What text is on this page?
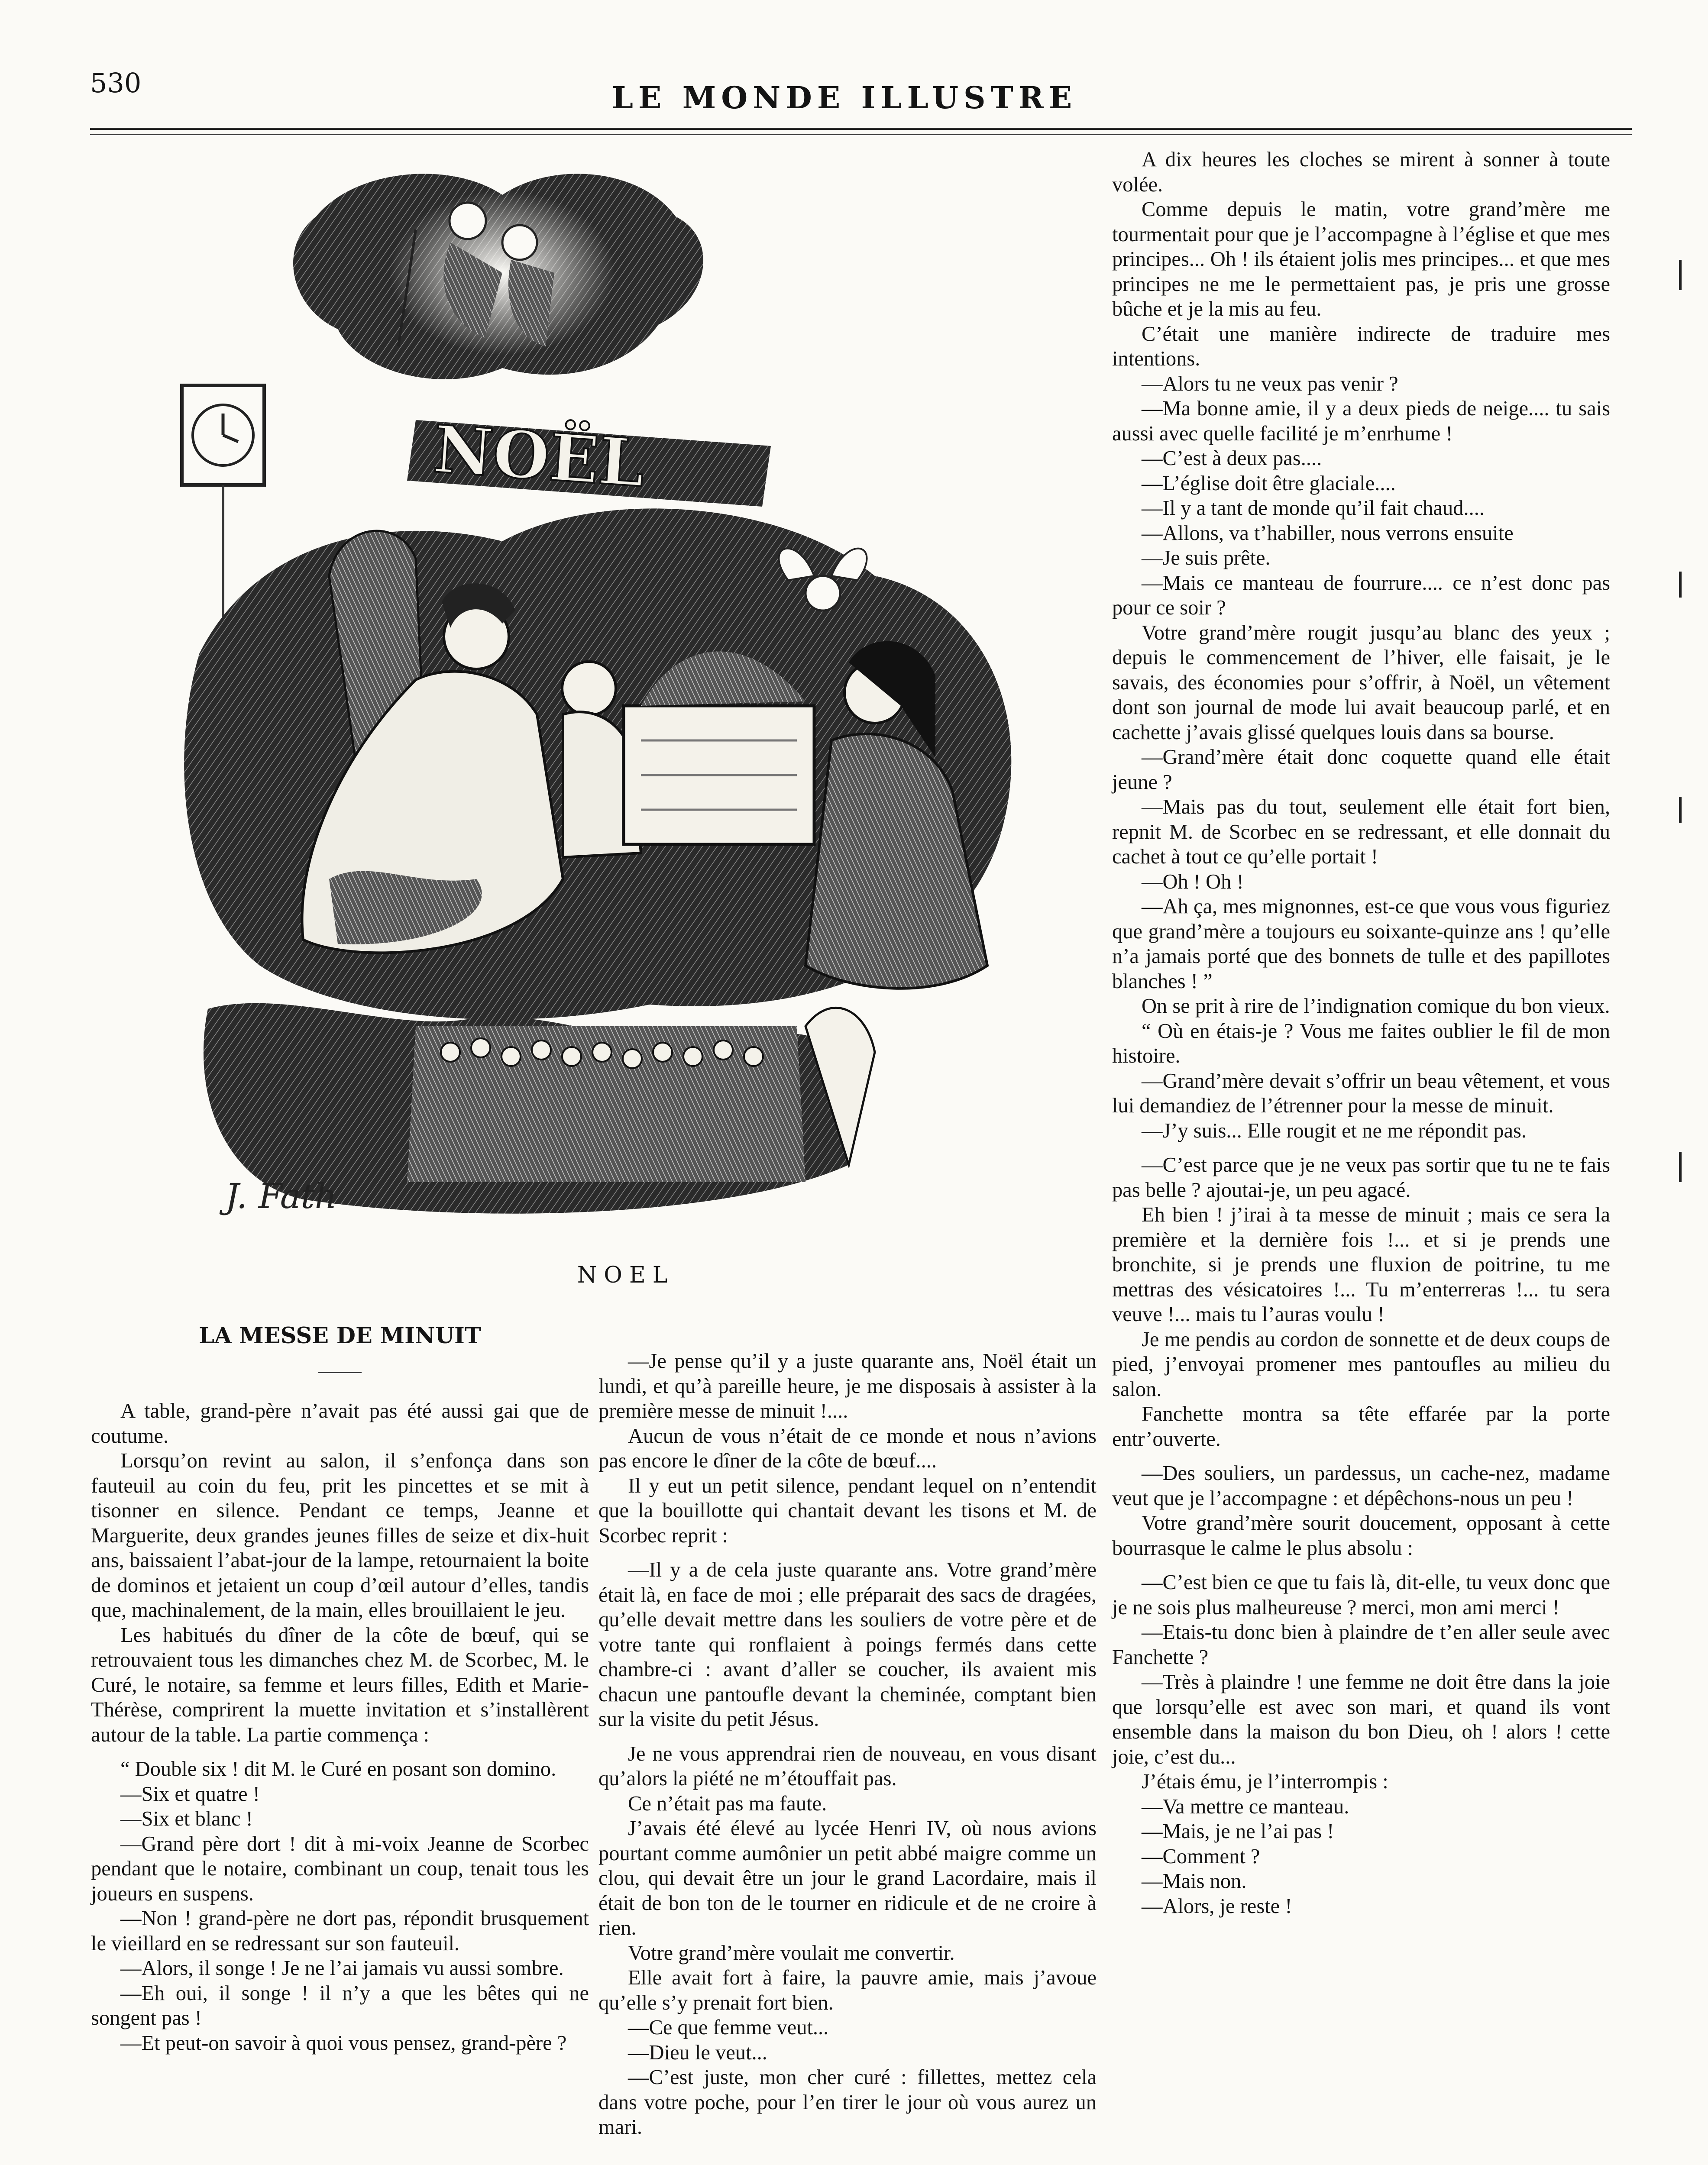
530	LE MONDE ILLUSTRE
NOËL
J. Fath
NOEL
LA MESSE DE MINUIT

A table, grand-père n’avait pas été aussi gai que de coutume.

Lorsqu’on revint au salon, il s’enfonça dans son fauteuil au coin du feu, prit les pincettes et se mit à tisonner en silence. Pendant ce temps, Jeanne et Marguerite, deux grandes jeunes filles de seize et dix-huit ans, baissaient l’abat-jour de la lampe, retournaient la boite de dominos et jetaient un coup d’œil autour d’elles, tandis que, machinalement, de la main, elles brouillaient le jeu.

Les habitués du dîner de la côte de bœuf, qui se retrouvaient tous les dimanches chez M. de Scorbec, M. le Curé, le notaire, sa femme et leurs filles, Edith et Marie-Thérèse, comprirent la muette invitation et s’installèrent autour de la table. La partie commença :

“ Double six ! dit M. le Curé en posant son domino.

—Six et quatre !

—Six et blanc !

—Grand père dort ! dit à mi-voix Jeanne de Scorbec pendant que le notaire, combinant un coup, tenait tous les joueurs en suspens.

—Non ! grand-père ne dort pas, répondit brusquement le vieillard en se redressant sur son fauteuil.

—Alors, il songe ! Je ne l’ai jamais vu aussi sombre.

—Eh oui, il songe ! il n’y a que les bêtes qui ne songent pas !

—Et peut-on savoir à quoi vous pensez, grand-père ?

—Je pense qu’il y a juste quarante ans, Noël était un lundi, et qu’à pareille heure, je me disposais à assister à la première messe de minuit !....

Aucun de vous n’était de ce monde et nous n’avions pas encore le dîner de la côte de bœuf....

Il y eut un petit silence, pendant lequel on n’entendit que la bouillotte qui chantait devant les tisons et M. de Scorbec reprit :

—Il y a de cela juste quarante ans. Votre grand’mère était là, en face de moi ; elle préparait des sacs de dragées, qu’elle devait mettre dans les souliers de votre père et de votre tante qui ronflaient à poings fermés dans cette chambre-ci : avant d’aller se coucher, ils avaient mis chacun une pantoufle devant la cheminée, comptant bien sur la visite du petit Jésus.

Je ne vous apprendrai rien de nouveau, en vous disant qu’alors la piété ne m’étouffait pas.

Ce n’était pas ma faute.

J’avais été élevé au lycée Henri IV, où nous avions pourtant comme aumônier un petit abbé maigre comme un clou, qui devait être un jour le grand Lacordaire, mais il était de bon ton de le tourner en ridicule et de ne croire à rien.

Votre grand’mère voulait me convertir.

Elle avait fort à faire, la pauvre amie, mais j’avoue qu’elle s’y prenait fort bien.

—Ce que femme veut...

—Dieu le veut...

—C’est juste, mon cher curé : fillettes, mettez cela dans votre poche, pour l’en tirer le jour où vous aurez un mari.

A dix heures les cloches se mirent à sonner à toute volée.

Comme depuis le matin, votre grand’mère me tourmentait pour que je l’accompagne à l’église et que mes principes... Oh ! ils étaient jolis mes principes... et que mes principes ne me le permettaient pas, je pris une grosse bûche et je la mis au feu.

C’était une manière indirecte de traduire mes intentions.

—Alors tu ne veux pas venir ?

—Ma bonne amie, il y a deux pieds de neige.... tu sais aussi avec quelle facilité je m’enrhume !

—C’est à deux pas....

—L’église doit être glaciale....

—Il y a tant de monde qu’il fait chaud....

—Allons, va t’habiller, nous verrons ensuite

—Je suis prête.

—Mais ce manteau de fourrure.... ce n’est donc pas pour ce soir ?

Votre grand’mère rougit jusqu’au blanc des yeux ; depuis le commencement de l’hiver, elle faisait, je le savais, des économies pour s’offrir, à Noël, un vêtement dont son journal de mode lui avait beaucoup parlé, et en cachette j’avais glissé quelques louis dans sa bourse.

—Grand’mère était donc coquette quand elle était jeune ?

—Mais pas du tout, seulement elle était fort bien, repnit M. de Scorbec en se redressant, et elle donnait du cachet à tout ce qu’elle portait !

—Oh ! Oh !

—Ah ça, mes mignonnes, est-ce que vous vous figuriez que grand’mère a toujours eu soixante-quinze ans ! qu’elle n’a jamais porté que des bonnets de tulle et des papillotes blanches ! ”

On se prit à rire de l’indignation comique du bon vieux.

“ Où en étais-je ? Vous me faites oublier le fil de mon histoire.

—Grand’mère devait s’offrir un beau vêtement, et vous lui demandiez de l’étrenner pour la messe de minuit.

—J’y suis... Elle rougit et ne me répondit pas.

—C’est parce que je ne veux pas sortir que tu ne te fais pas belle ? ajoutai-je, un peu agacé.

Eh bien ! j’irai à ta messe de minuit ; mais ce sera la première et la dernière fois !... et si je prends une bronchite, si je prends une fluxion de poitrine, tu me mettras des vésicatoires !... Tu m’enterreras !... tu sera veuve !... mais tu l’auras voulu !

Je me pendis au cordon de sonnette et de deux coups de pied, j’envoyai promener mes pantoufles au milieu du salon.

Fanchette montra sa tête effarée par la porte entr’ouverte.

—Des souliers, un pardessus, un cache-nez, madame veut que je l’accompagne : et dépêchons-nous un peu !

Votre grand’mère sourit doucement, opposant à cette bourrasque le calme le plus absolu :

—C’est bien ce que tu fais là, dit-elle, tu veux donc que je ne sois plus malheureuse ? merci, mon ami merci !

—Etais-tu donc bien à plaindre de t’en aller seule avec Fanchette ?

—Très à plaindre ! une femme ne doit être dans la joie que lorsqu’elle est avec son mari, et quand ils vont ensemble dans la maison du bon Dieu, oh ! alors ! cette joie, c’est du...

J’étais ému, je l’interrompis :

—Va mettre ce manteau.

—Mais, je ne l’ai pas !

—Comment ?

—Mais non.

—Alors, je reste !
